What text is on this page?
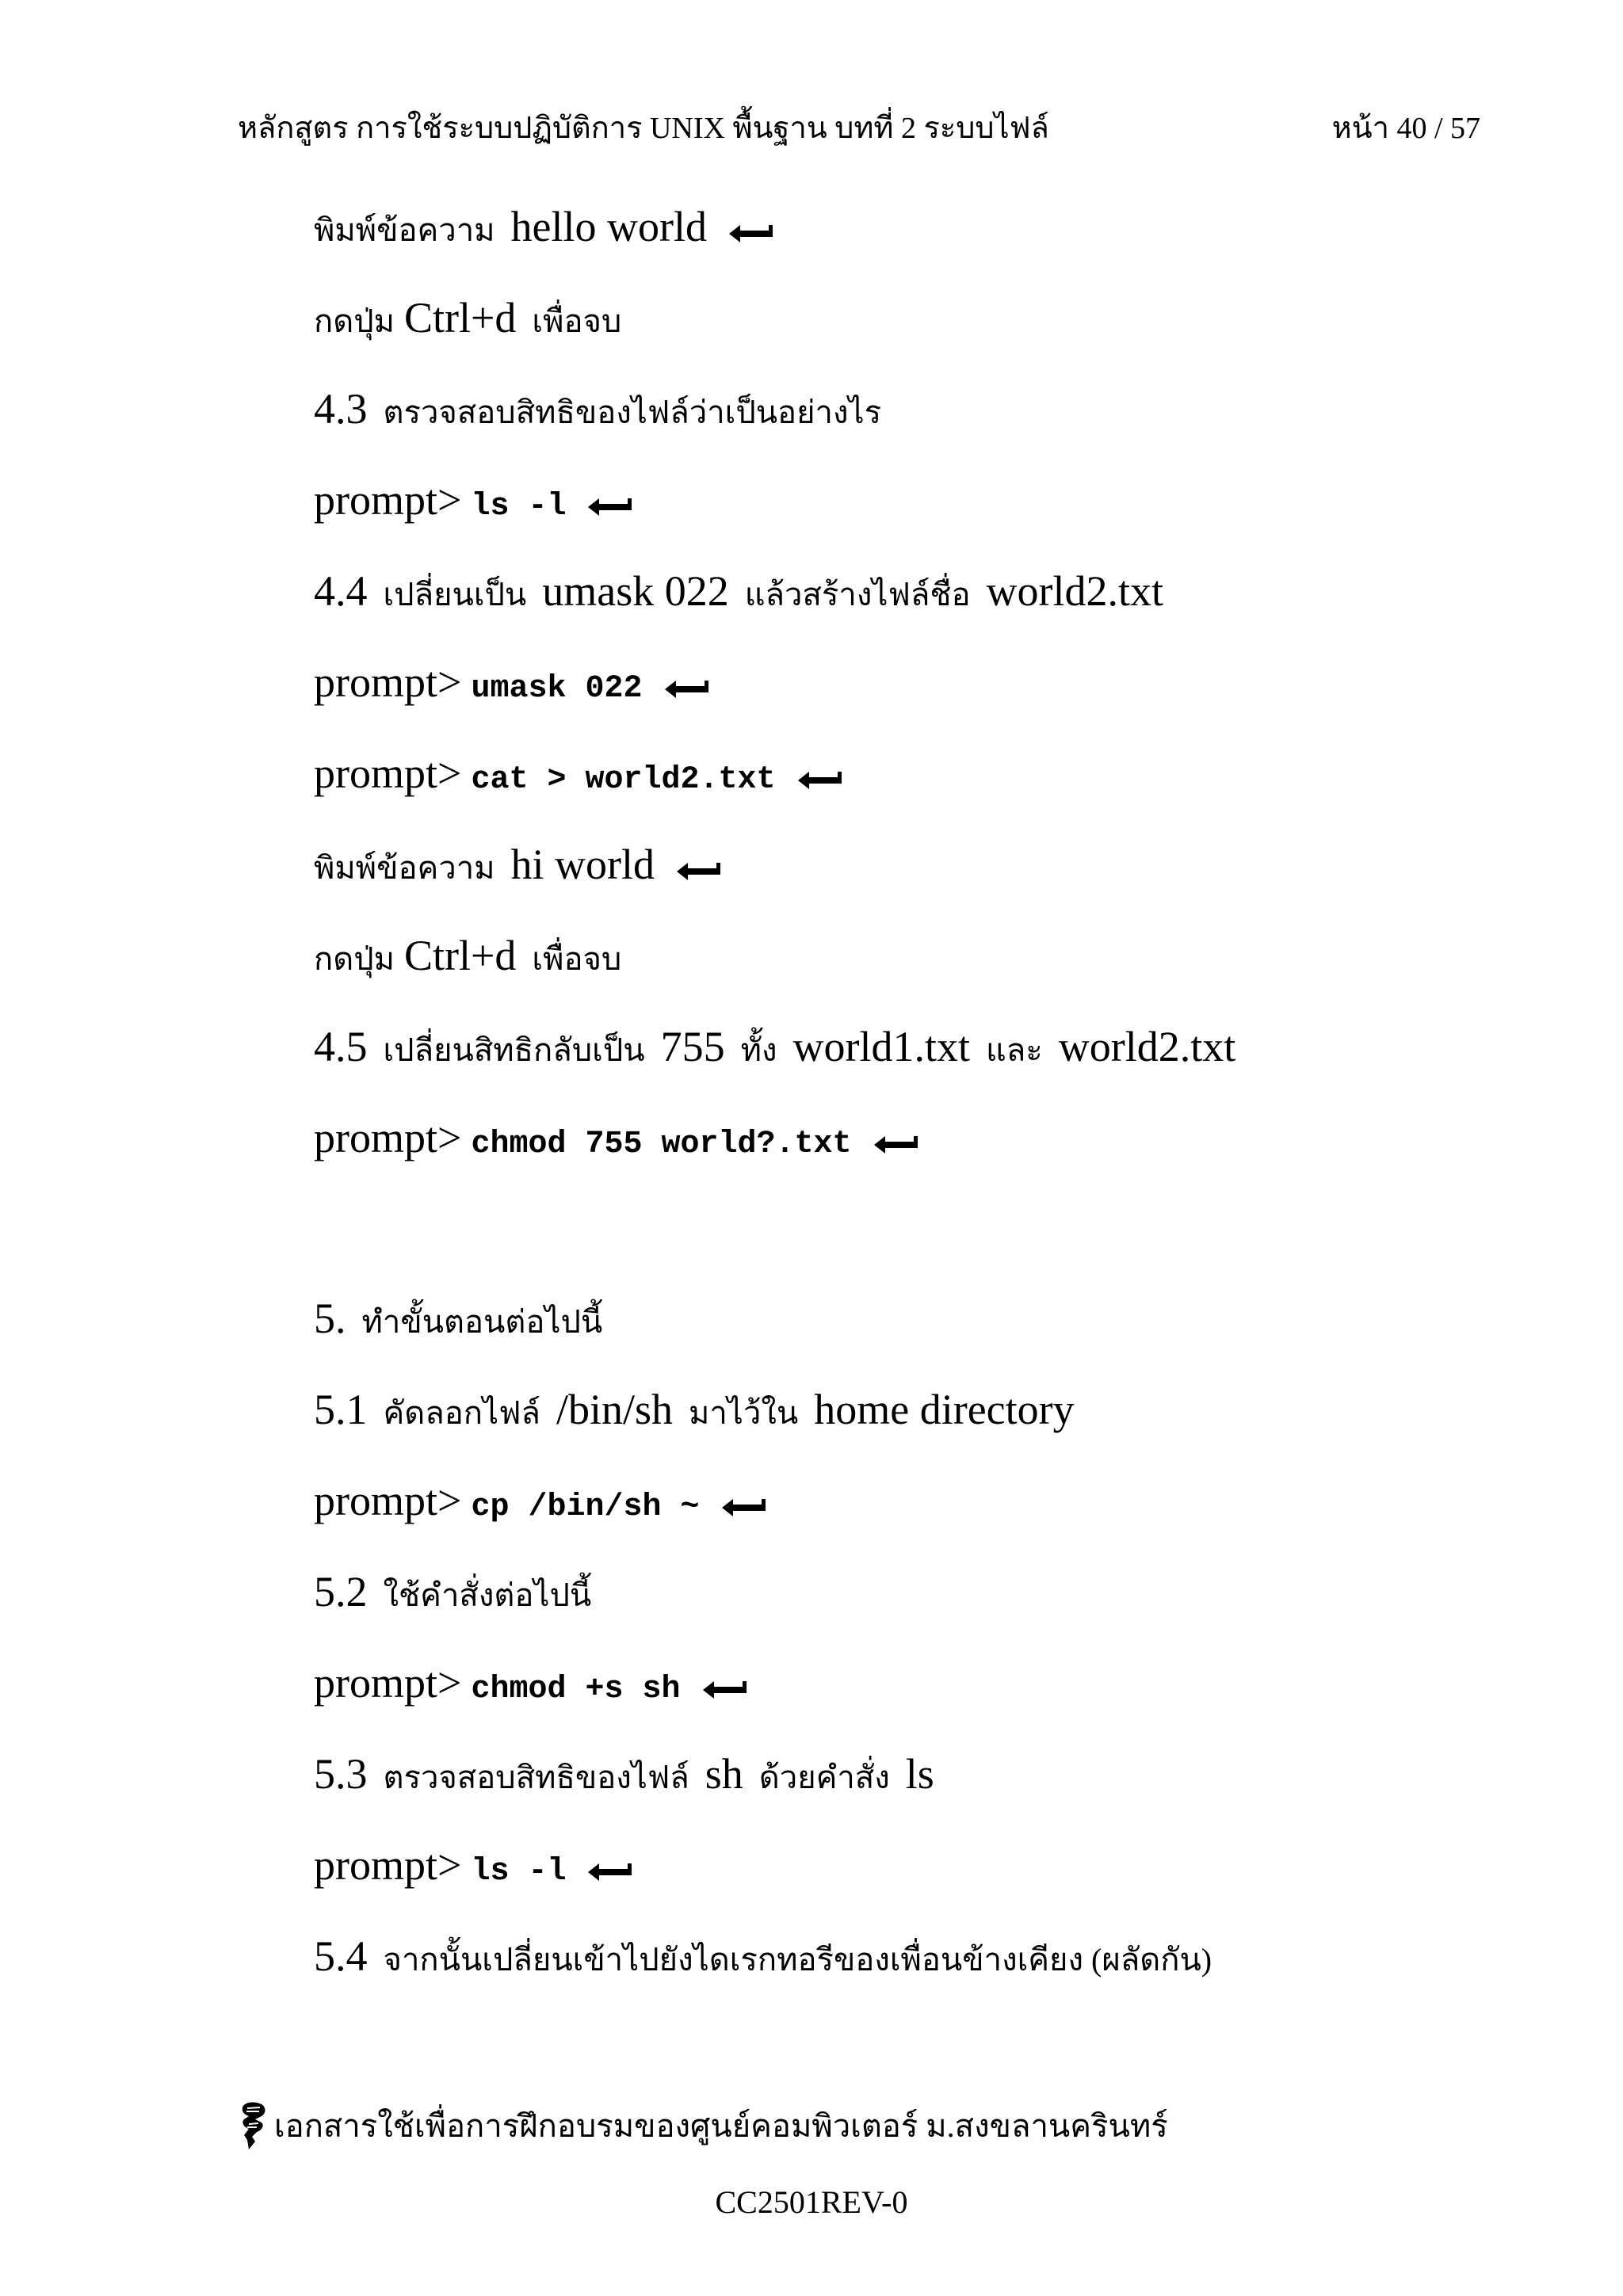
หลักสูตร การใช้ระบบปฏิบัติการ UNIX พื้นฐาน บทที่ 2 ระบบไฟล์	หน้า 40 / 57
พิมพ์ข้อความ hello world
กดปุ่ม Ctrl+d เพื่อจบ
4.3 ตรวจสอบสิทธิของไฟล์ว่าเป็นอย่างไร
prompt> ls -l
4.4 เปลี่ยนเป็น umask 022 แล้วสร้างไฟล์ชื่อ world2.txt
prompt> umask 022
prompt> cat > world2.txt
พิมพ์ข้อความ hi world
กดปุ่ม Ctrl+d เพื่อจบ
4.5 เปลี่ยนสิทธิกลับเป็น 755 ทั้ง world1.txt และ world2.txt
prompt> chmod 755 world?.txt
5. ทำขั้นตอนต่อไปนี้
5.1 คัดลอกไฟล์ /bin/sh มาไว้ใน home directory
prompt> cp /bin/sh ~
5.2 ใช้คำสั่งต่อไปนี้
prompt> chmod +s sh
5.3 ตรวจสอบสิทธิของไฟล์ sh ด้วยคำสั่ง ls
prompt> ls -l
5.4 จากนั้นเปลี่ยนเข้าไปยังไดเรกทอรีของเพื่อนข้างเคียง (ผลัดกัน)
เอกสารใช้เพื่อการฝึกอบรมของศูนย์คอมพิวเตอร์ ม.สงขลานครินทร์
CC2501REV-0
